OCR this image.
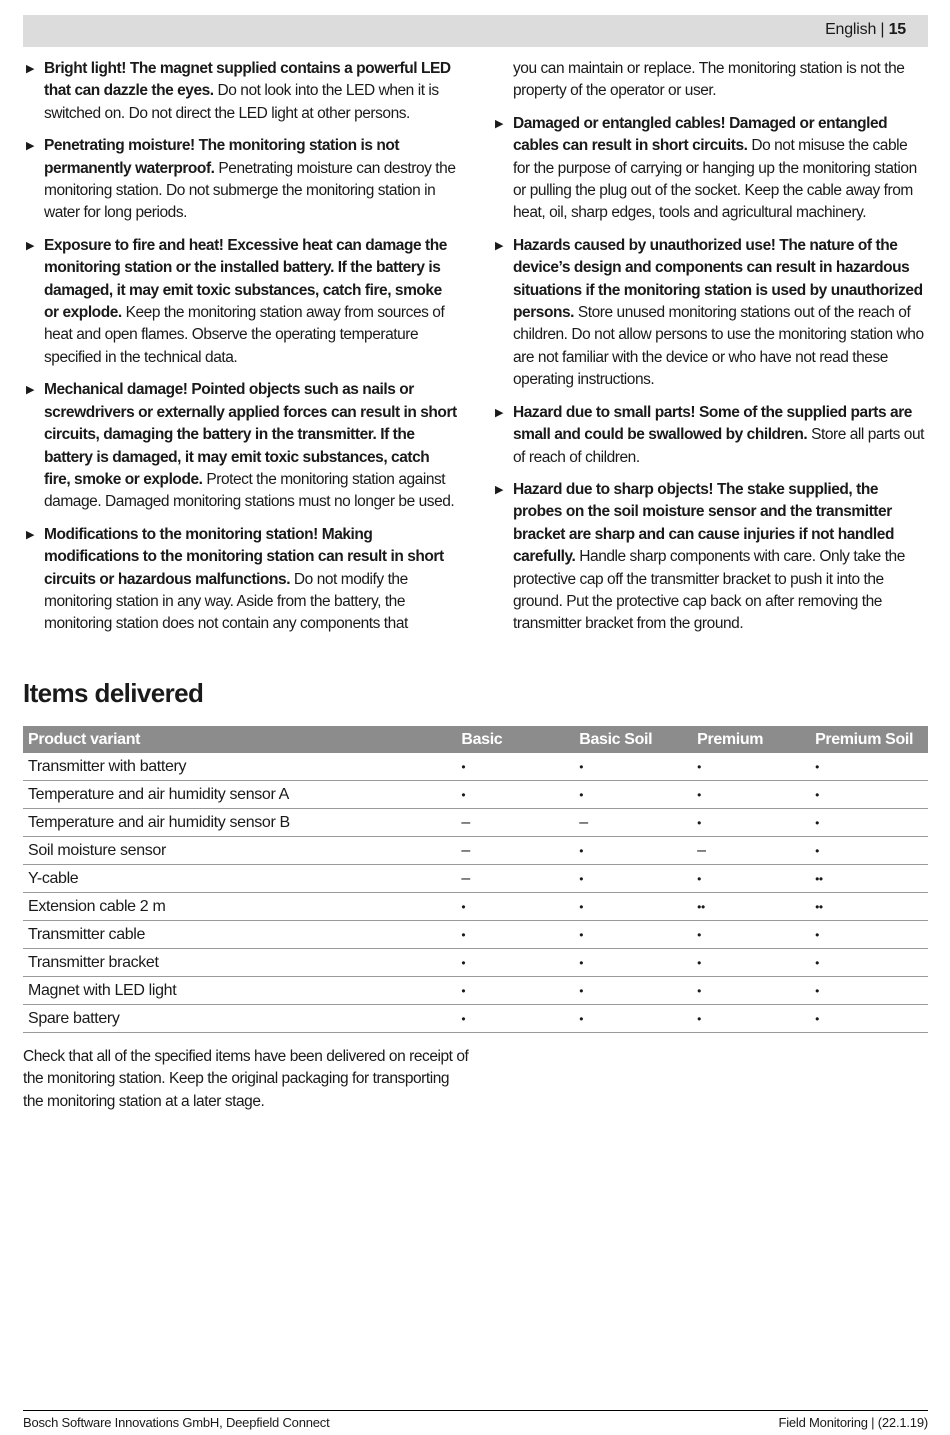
English | 15

▶ Bright light! The magnet supplied contains a powerful LED that can dazzle the eyes. Do not look into the LED when it is switched on. Do not direct the LED light at other persons.

▶ Penetrating moisture! The monitoring station is not permanently waterproof. Penetrating moisture can destroy the monitoring station. Do not submerge the monitoring station in water for long periods.

▶ Exposure to fire and heat! Excessive heat can damage the monitoring station or the installed battery. If the battery is damaged, it may emit toxic substances, catch fire, smoke or explode. Keep the monitoring station away from sources of heat and open flames. Observe the operating temperature specified in the technical data.

▶ Mechanical damage! Pointed objects such as nails or screwdrivers or externally applied forces can result in short circuits, damaging the battery in the transmitter. If the battery is damaged, it may emit toxic substances, catch fire, smoke or explode. Protect the monitoring station against damage. Damaged monitoring stations must no longer be used.

▶ Modifications to the monitoring station! Making modifications to the monitoring station can result in short circuits or hazardous malfunctions. Do not modify the monitoring station in any way. Aside from the battery, the monitoring station does not contain any components that

you can maintain or replace. The monitoring station is not the property of the operator or user.

▶ Damaged or entangled cables! Damaged or entangled cables can result in short circuits. Do not misuse the cable for the purpose of carrying or hanging up the monitoring station or pulling the plug out of the socket. Keep the cable away from heat, oil, sharp edges, tools and agricultural machinery.

▶ Hazards caused by unauthorized use! The nature of the device’s design and components can result in hazardous situations if the monitoring station is used by unauthorized persons. Store unused monitoring stations out of the reach of children. Do not allow persons to use the monitoring station who are not familiar with the device or who have not read these operating instructions.

▶ Hazard due to small parts! Some of the supplied parts are small and could be swallowed by children. Store all parts out of reach of children.

▶ Hazard due to sharp objects! The stake supplied, the probes on the soil moisture sensor and the transmitter bracket are sharp and can cause injuries if not handled carefully. Handle sharp components with care. Only take the protective cap off the transmitter bracket to push it into the ground. Put the protective cap back on after removing the transmitter bracket from the ground.

Items delivered
Product variant	Basic	Basic Soil	Premium	Premium Soil
Transmitter with battery	•	•	•	•
Temperature and air humidity sensor A	•	•	•	•
Temperature and air humidity sensor B	–	–	•	•
Soil moisture sensor	–	•	–	•
Y-cable	–	•	•	••
Extension cable 2 m	•	•	••	••
Transmitter cable	•	•	•	•
Transmitter bracket	•	•	•	•
Magnet with LED light	•	•	•	•
Spare battery	•	•	•	•

Check that all of the specified items have been delivered on receipt of the monitoring station. Keep the original packaging for transporting the monitoring station at a later stage.

Bosch Software Innovations GmbH, Deepfield Connect	Field Monitoring | (22.1.19)
